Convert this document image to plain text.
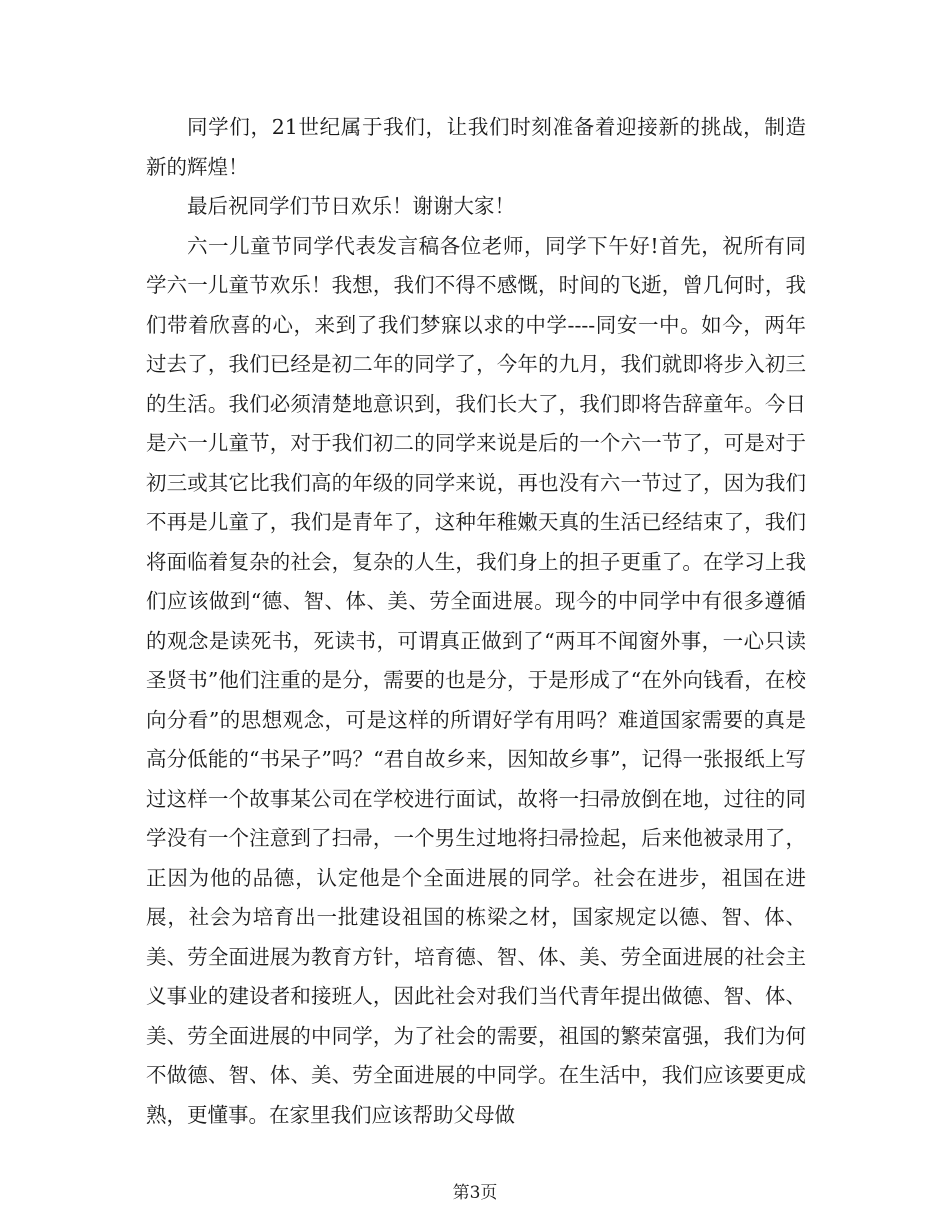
同学们，21世纪属于我们，让我们时刻准备着迎接新的挑战，制造新的辉煌！

最后祝同学们节日欢乐！谢谢大家！

六一儿童节同学代表发言稿各位老师，同学下午好!首先，祝所有同学六一儿童节欢乐！我想，我们不得不感慨，时间的飞逝，曾几何时，我们带着欣喜的心，来到了我们梦寐以求的中学----同安一中。如今，两年过去了，我们已经是初二年的同学了，今年的九月，我们就即将步入初三的生活。我们必须清楚地意识到，我们长大了，我们即将告辞童年。今日是六一儿童节，对于我们初二的同学来说是后的一个六一节了，可是对于初三或其它比我们高的年级的同学来说，再也没有六一节过了，因为我们不再是儿童了，我们是青年了，这种年稚嫩天真的生活已经结束了，我们将面临着复杂的社会，复杂的人生，我们身上的担子更重了。在学习上我们应该做到“德、智、体、美、劳全面进展。现今的中同学中有很多遵循的观念是读死书，死读书，可谓真正做到了“两耳不闻窗外事，一心只读圣贤书”他们注重的是分，需要的也是分，于是形成了“在外向钱看，在校向分看”的思想观念，可是这样的所谓好学有用吗？难道国家需要的真是高分低能的“书呆子”吗？“君自故乡来，因知故乡事”，记得一张报纸上写过这样一个故事某公司在学校进行面试，故将一扫帚放倒在地，过往的同学没有一个注意到了扫帚，一个男生过地将扫帚捡起，后来他被录用了，正因为他的品德，认定他是个全面进展的同学。社会在进步，祖国在进展，社会为培育出一批建设祖国的栋梁之材，国家规定以德、智、体、美、劳全面进展为教育方针，培育德、智、体、美、劳全面进展的社会主义事业的建设者和接班人，因此社会对我们当代青年提出做德、智、体、美、劳全面进展的中同学，为了社会的需要，祖国的繁荣富强，我们为何不做德、智、体、美、劳全面进展的中同学。在生活中，我们应该要更成熟，更懂事。在家里我们应该帮助父母做

第3页
